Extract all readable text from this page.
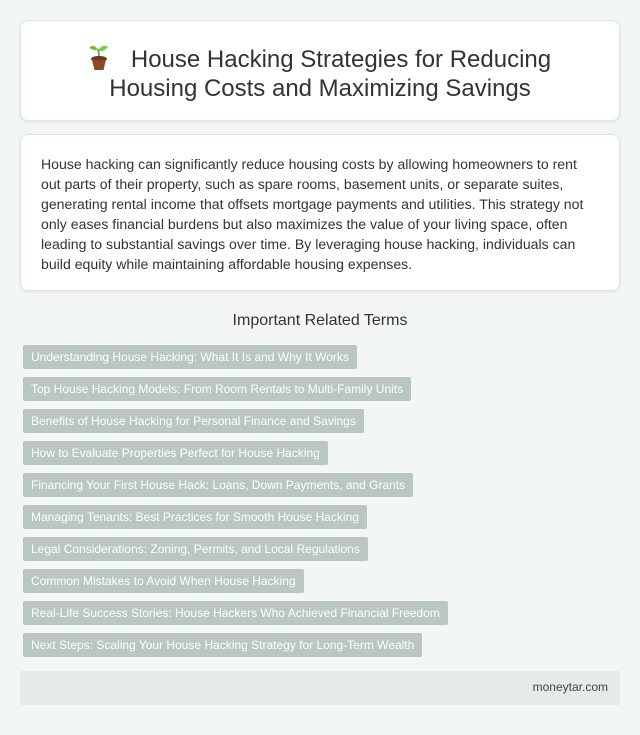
House Hacking Strategies for Reducing Housing Costs and Maximizing Savings

House hacking can significantly reduce housing costs by allowing homeowners to rent out parts of their property, such as spare rooms, basement units, or separate suites, generating rental income that offsets mortgage payments and utilities. This strategy not only eases financial burdens but also maximizes the value of your living space, often leading to substantial savings over time. By leveraging house hacking, individuals can build equity while maintaining affordable housing expenses.

Important Related Terms
Understanding House Hacking: What It Is and Why It Works
Top House Hacking Models: From Room Rentals to Multi-Family Units
Benefits of House Hacking for Personal Finance and Savings
How to Evaluate Properties Perfect for House Hacking
Financing Your First House Hack: Loans, Down Payments, and Grants
Managing Tenants: Best Practices for Smooth House Hacking
Legal Considerations: Zoning, Permits, and Local Regulations
Common Mistakes to Avoid When House Hacking
Real-Life Success Stories: House Hackers Who Achieved Financial Freedom
Next Steps: Scaling Your House Hacking Strategy for Long-Term Wealth
moneytar.com
